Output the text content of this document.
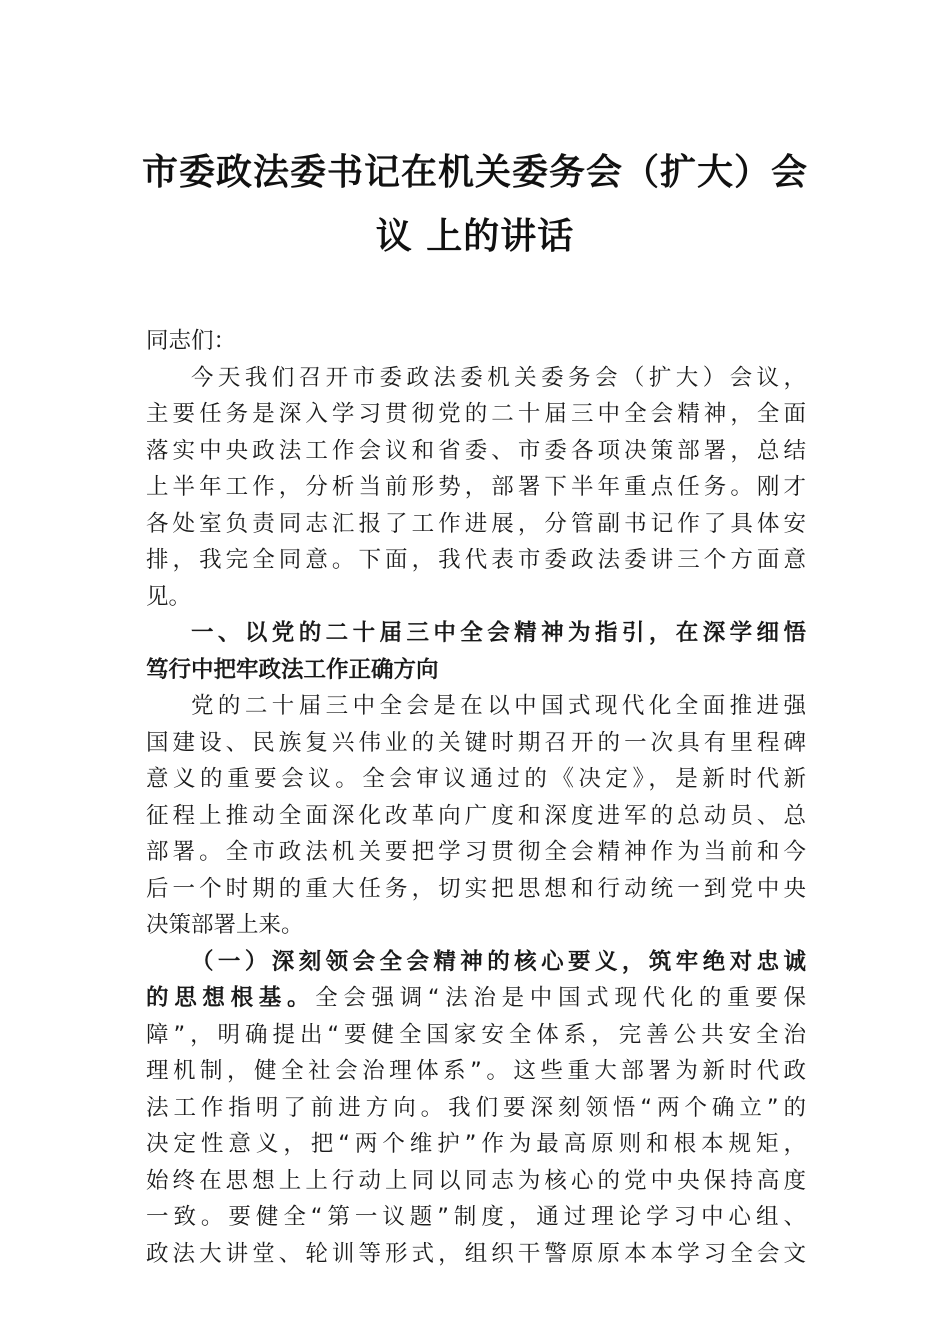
市委政法委书记在机关委务会（扩大）会
议 上的讲话
同志们：
今天我们召开市委政法委机关委务会（扩大）会议，
主要任务是深入学习贯彻党的二十届三中全会精神，全面
落实中央政法工作会议和省委、市委各项决策部署，总结
上半年工作，分析当前形势，部署下半年重点任务。刚才
各处室负责同志汇报了工作进展，分管副书记作了具体安
排，我完全同意。下面，我代表市委政法委讲三个方面意
见。
一、以党的二十届三中全会精神为指引，在深学细悟
笃行中把牢政法工作正确方向
党的二十届三中全会是在以中国式现代化全面推进强
国建设、民族复兴伟业的关键时期召开的一次具有里程碑
意义的重要会议。全会审议通过的《决定》，是新时代新
征程上推动全面深化改革向广度和深度进军的总动员、总
部署。全市政法机关要把学习贯彻全会精神作为当前和今
后一个时期的重大任务，切实把思想和行动统一到党中央
决策部署上来。
（一）深刻领会全会精神的核心要义，筑牢绝对忠诚
的思想根基。全会强调“法治是中国式现代化的重要保
障”，明确提出“要健全国家安全体系，完善公共安全治
理机制，健全社会治理体系”。这些重大部署为新时代政
法工作指明了前进方向。我们要深刻领悟“两个确立”的
决定性意义，把“两个维护”作为最高原则和根本规矩，
始终在思想上上行动上同以同志为核心的党中央保持高度
一致。要健全“第一议题”制度，通过理论学习中心组、
政法大讲堂、轮训等形式，组织干警原原本本学习全会文
